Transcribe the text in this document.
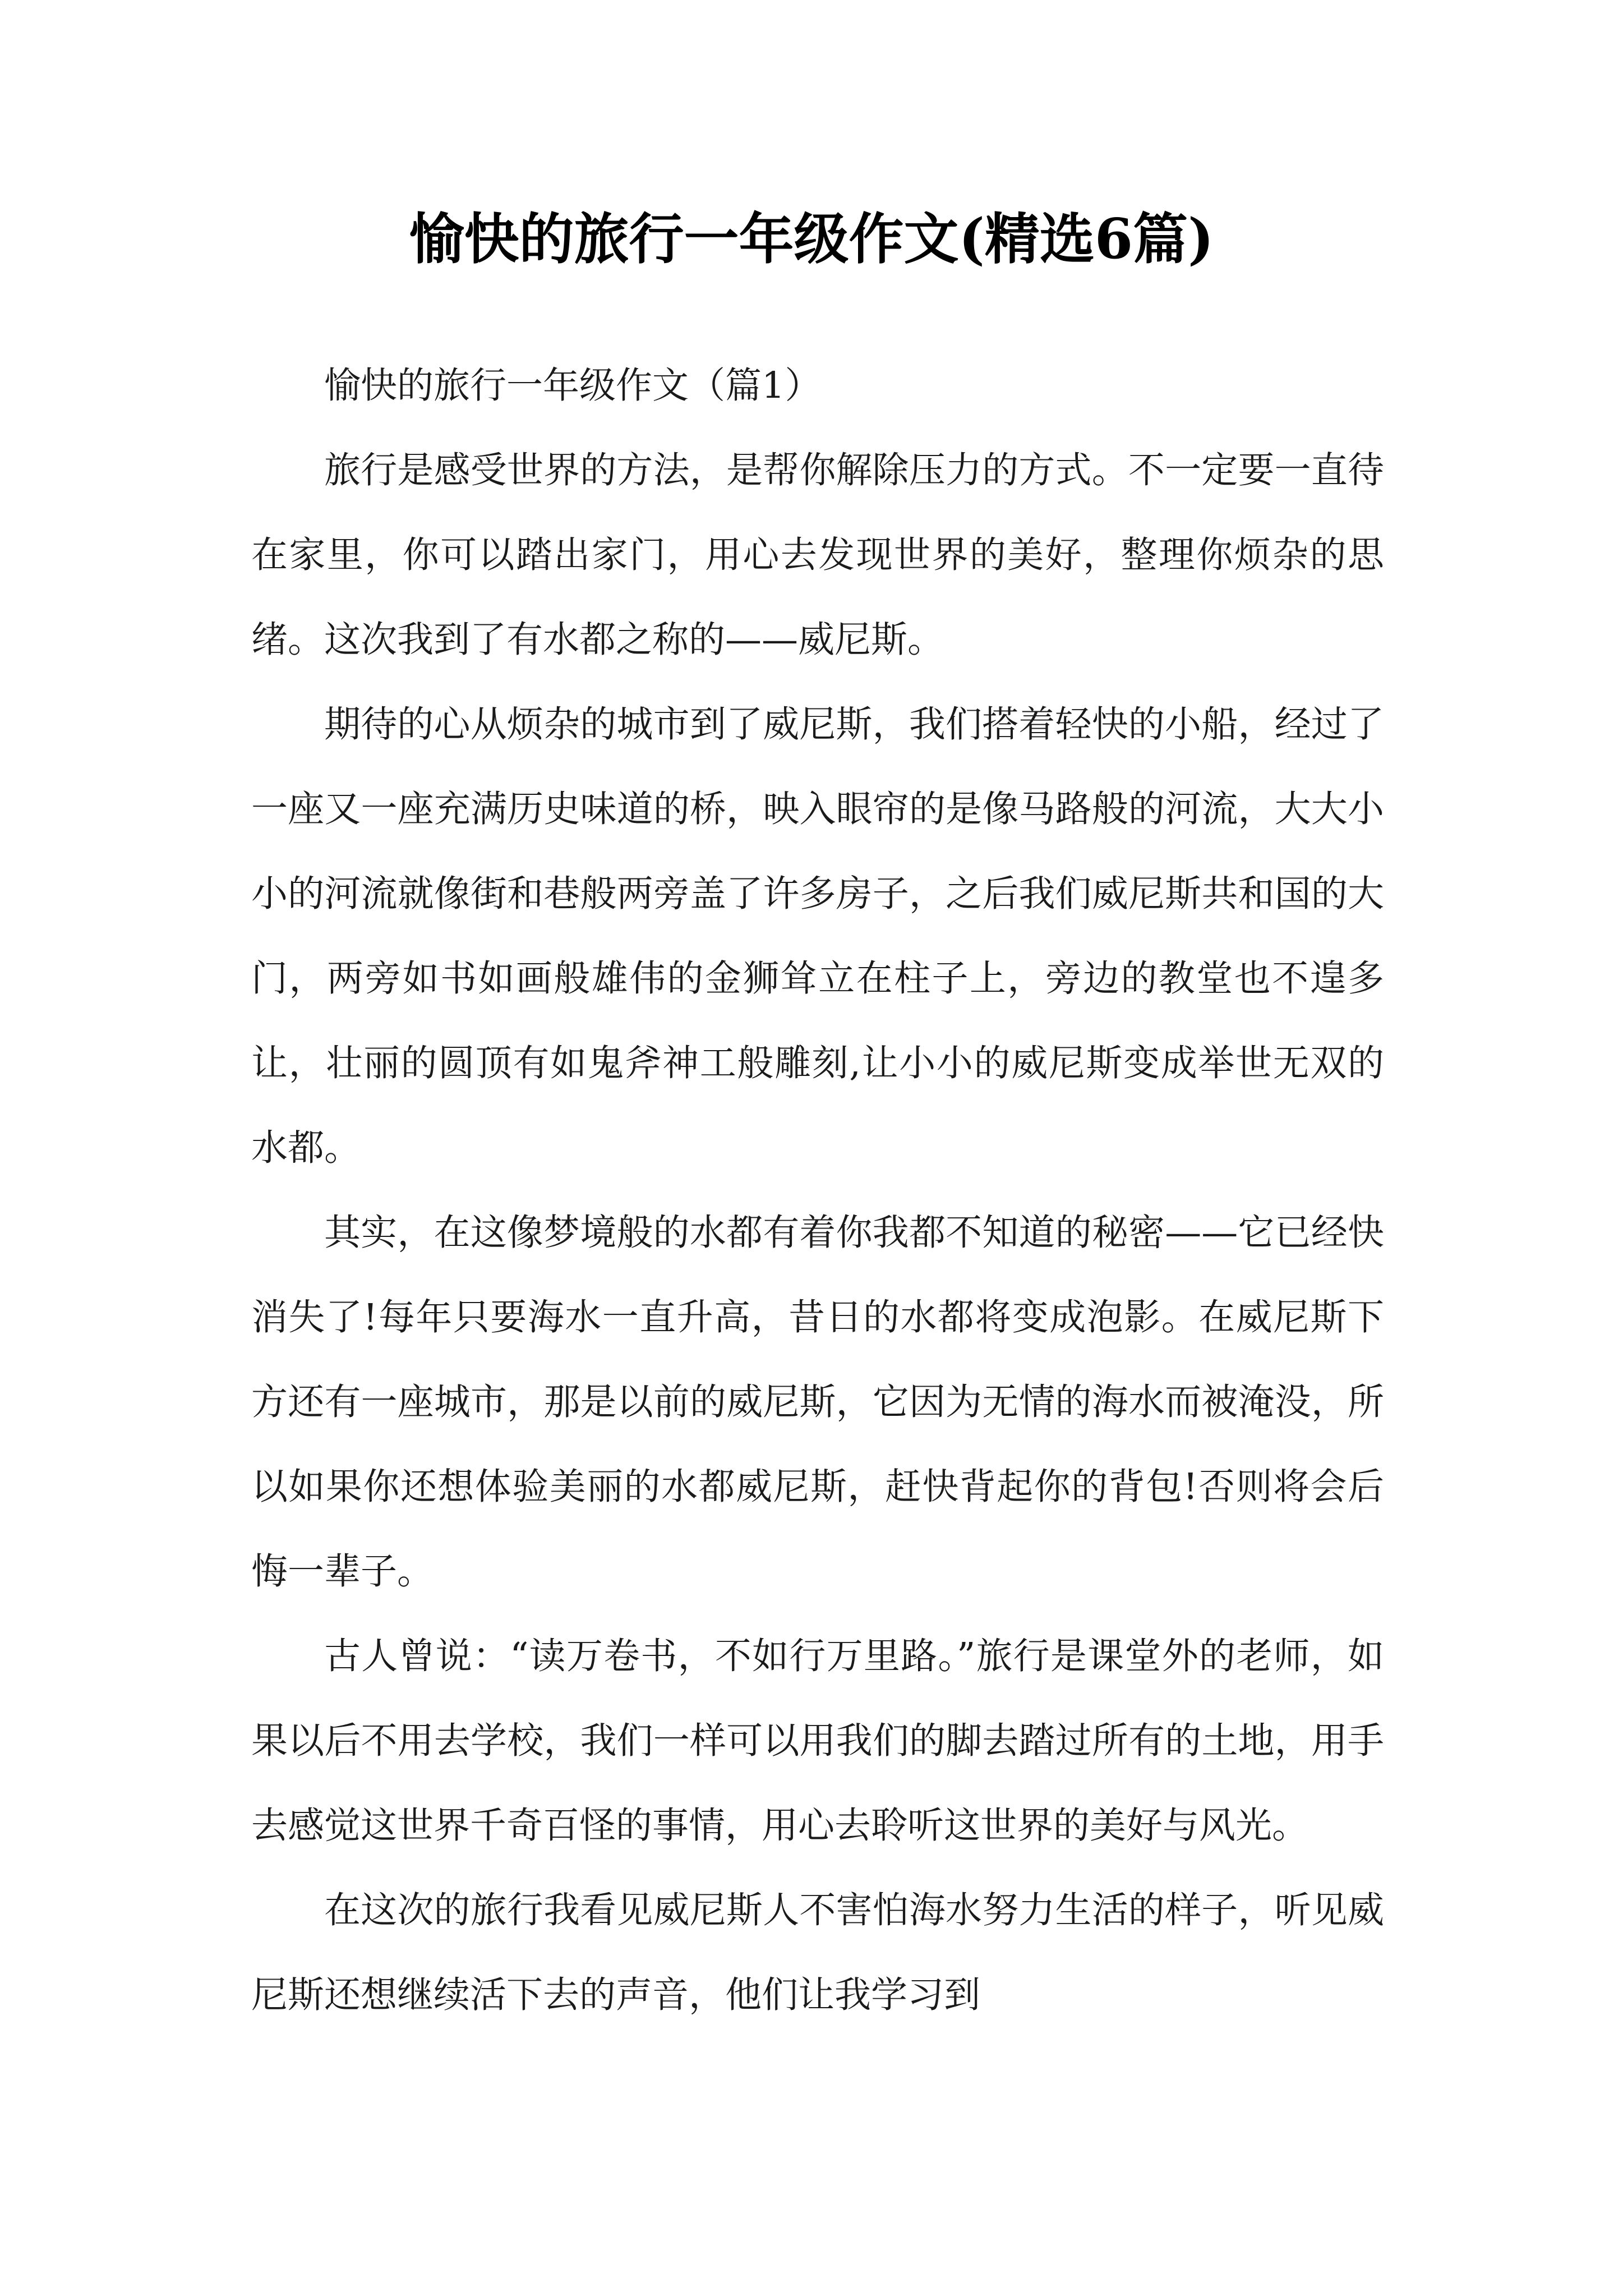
愉快的旅行一年级作文(精选6篇)

愉快的旅行一年级作文（篇1）

旅行是感受世界的方法，是帮你解除压力的方式。不一定要一直待在家里，你可以踏出家门，用心去发现世界的美好，整理你烦杂的思绪。这次我到了有水都之称的——威尼斯。

期待的心从烦杂的城市到了威尼斯，我们搭着轻快的小船，经过了一座又一座充满历史味道的桥，映入眼帘的是像马路般的河流，大大小小的河流就像街和巷般两旁盖了许多房子，之后我们威尼斯共和国的大门，两旁如书如画般雄伟的金狮耸立在柱子上，旁边的教堂也不遑多让，壮丽的圆顶有如鬼斧神工般雕刻,让小小的威尼斯变成举世无双的水都。

其实，在这像梦境般的水都有着你我都不知道的秘密——它已经快消失了!每年只要海水一直升高，昔日的水都将变成泡影。在威尼斯下方还有一座城市，那是以前的威尼斯，它因为无情的海水而被淹没，所以如果你还想体验美丽的水都威尼斯，赶快背起你的背包!否则将会后悔一辈子。

古人曾说：“读万卷书，不如行万里路。”旅行是课堂外的老师，如果以后不用去学校，我们一样可以用我们的脚去踏过所有的土地，用手去感觉这世界千奇百怪的事情，用心去聆听这世界的美好与风光。

在这次的旅行我看见威尼斯人不害怕海水努力生活的样子，听见威尼斯还想继续活下去的声音，他们让我学习到
